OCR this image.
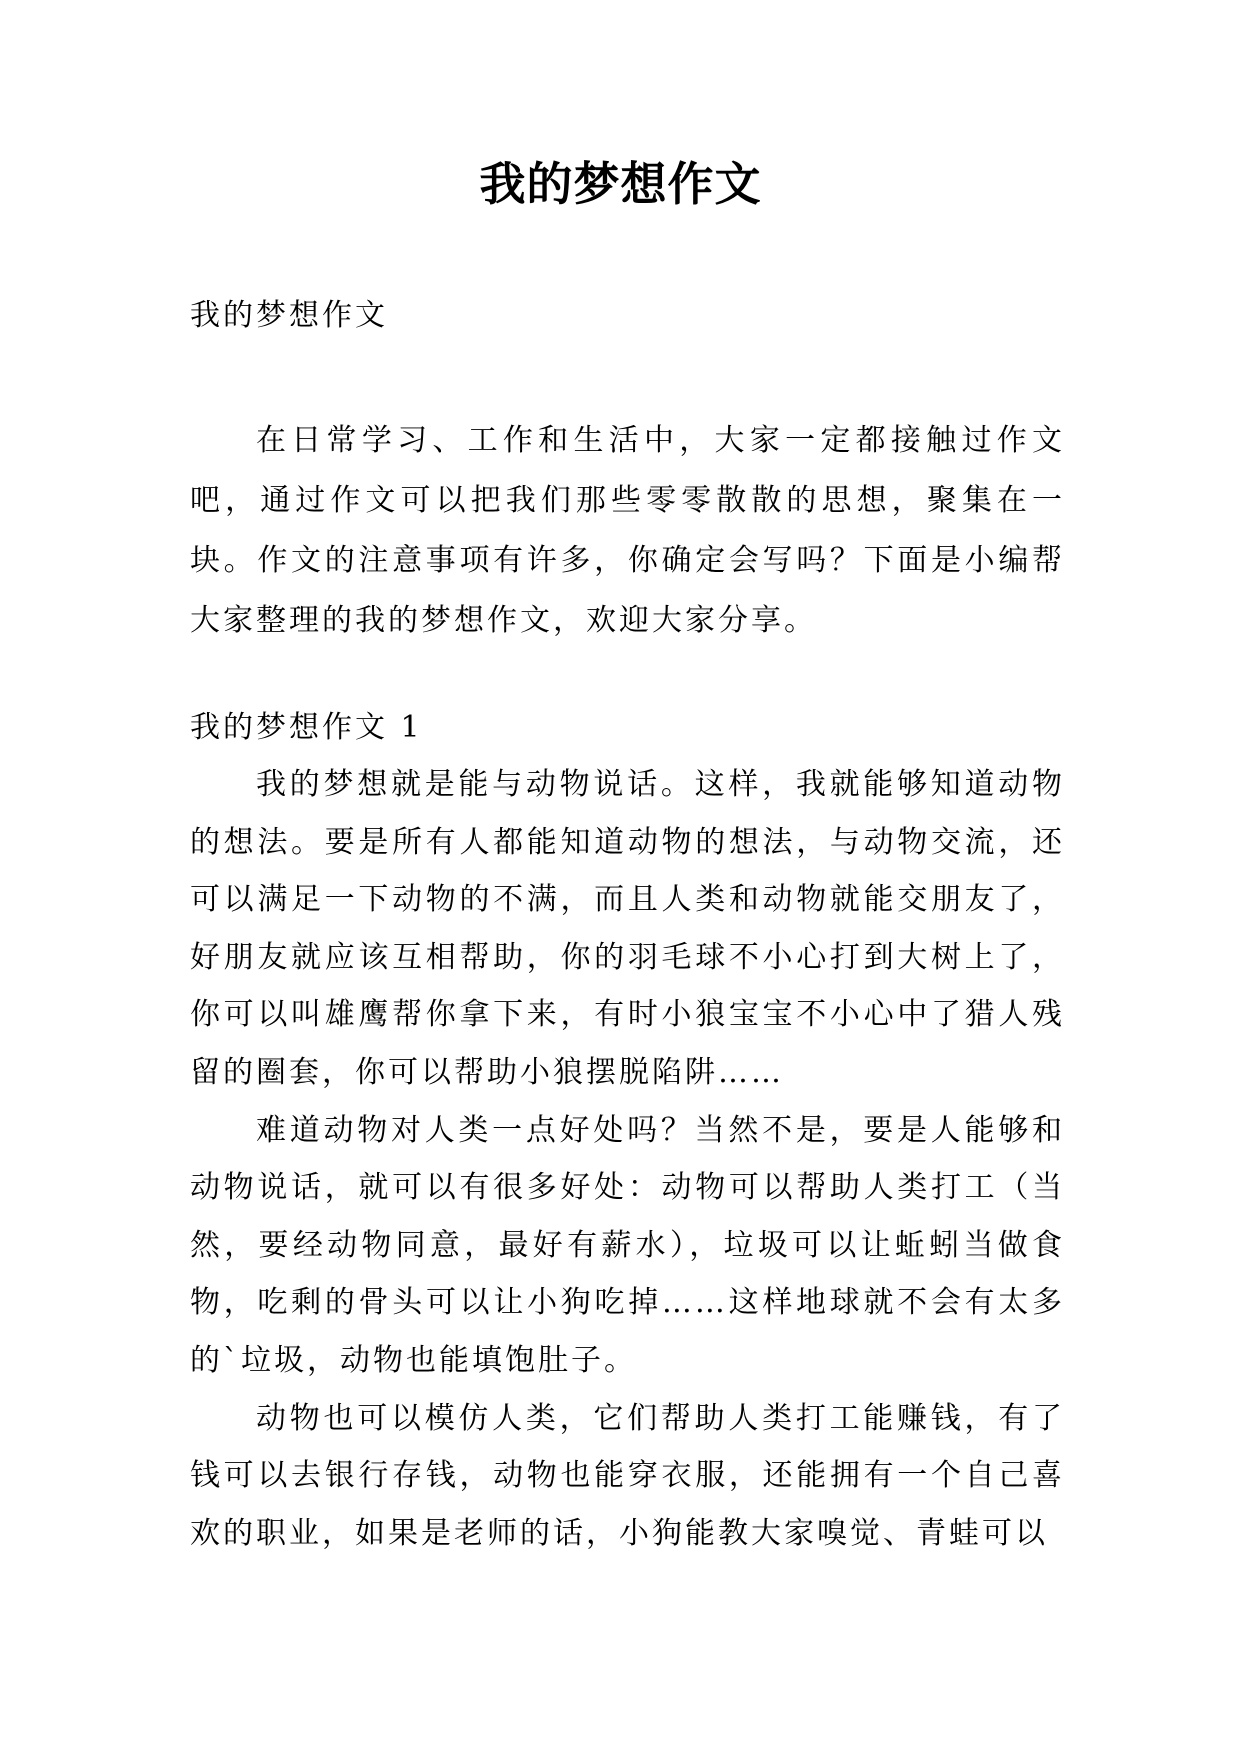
我的梦想作文
我的梦想作文

在日常学习、工作和生活中，大家一定都接触过作文吧，通过作文可以把我们那些零零散散的思想，聚集在一块。作文的注意事项有许多，你确定会写吗？下面是小编帮大家整理的我的梦想作文，欢迎大家分享。

我的梦想作文 1

我的梦想就是能与动物说话。这样，我就能够知道动物的想法。要是所有人都能知道动物的想法，与动物交流，还可以满足一下动物的不满，而且人类和动物就能交朋友了，好朋友就应该互相帮助，你的羽毛球不小心打到大树上了，你可以叫雄鹰帮你拿下来，有时小狼宝宝不小心中了猎人残留的圈套，你可以帮助小狼摆脱陷阱……

难道动物对人类一点好处吗？当然不是，要是人能够和动物说话，就可以有很多好处：动物可以帮助人类打工（当然，要经动物同意，最好有薪水），垃圾可以让蚯蚓当做食物，吃剩的骨头可以让小狗吃掉……这样地球就不会有太多的`垃圾，动物也能填饱肚子。

动物也可以模仿人类，它们帮助人类打工能赚钱，有了钱可以去银行存钱，动物也能穿衣服，还能拥有一个自己喜欢的职业，如果是老师的话，小狗能教大家嗅觉、青蛙可以
